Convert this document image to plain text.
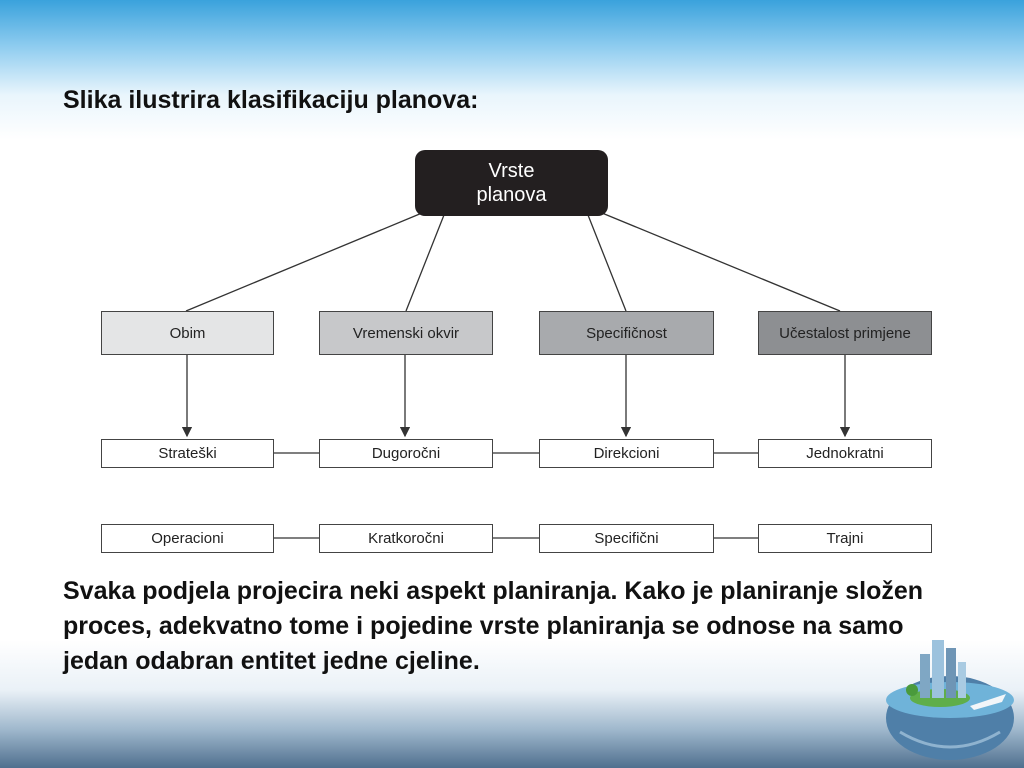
Slika ilustrira klasifikaciju planova:
Vrste
planova
Obim	Vremenski okvir	Specifičnost	Učestalost primjene
Strateški	Dugoročni	Direkcioni	Jednokratni
Operacioni	Kratkoročni	Specifični	Trajni
Svaka podjela projecira neki aspekt planiranja. Kako je planiranje složen proces, adekvatno tome i pojedine vrste planiranja se odnose na samo jedan odabran entitet jedne cjeline.
